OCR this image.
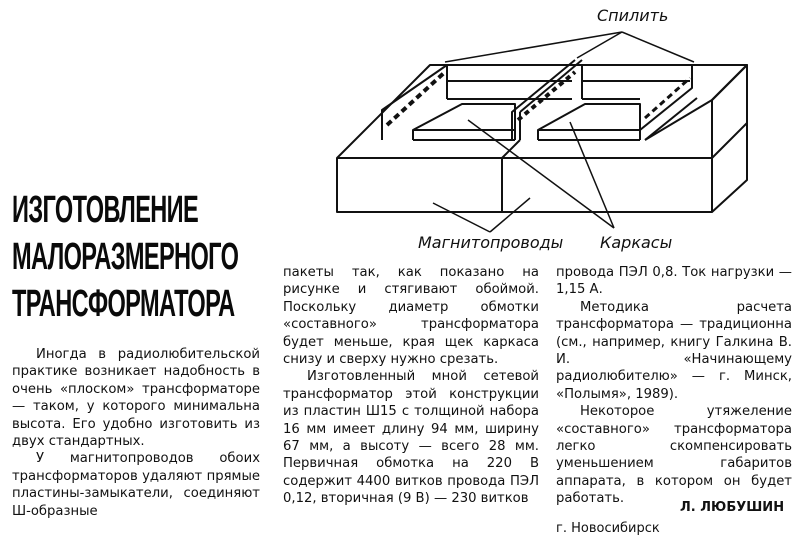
Спилить
Магнитопроводы Каркасы
ИЗГОТОВЛЕНИЕ
МАЛОРАЗМЕРНОГО
ТРАНСФОРМАТОРА

Иногда в радиолюбительской практике возникает надобность в очень «плоском» трансформаторе — таком, у которого минимальна высота. Его удобно изготовить из двух стандартных.

У магнитопроводов обоих трансформаторов удаляют прямые пластины-замыкатели, соединяют Ш-образные

пакеты так, как показано на рисунке и стягивают обоймой. Поскольку диаметр обмотки «составного» трансформатора будет меньше, края щек каркаса снизу и сверху нужно срезать.

Изготовленный мной сетевой трансформатор этой конструкции из пластин Ш15 с толщиной набора 16 мм имеет длину 94 мм, ширину 67 мм, а высоту — всего 28 мм. Первичная обмотка на 220 В содержит 4400 витков провода ПЭЛ 0,12, вторичная (9 В) — 230 витков

провода ПЭЛ 0,8. Ток нагрузки — 1,15 А.

Методика расчета трансформатора — традиционна (см., например, книгу Галкина В. И. «Начинающему радиолюбителю» — г. Минск, «Полымя», 1989).

Некоторое утяжеление «составного» трансформатора легко скомпенсировать уменьшением габаритов аппарата, в котором он будет работать.

Л. ЛЮБУШИН
г. Новосибирск
